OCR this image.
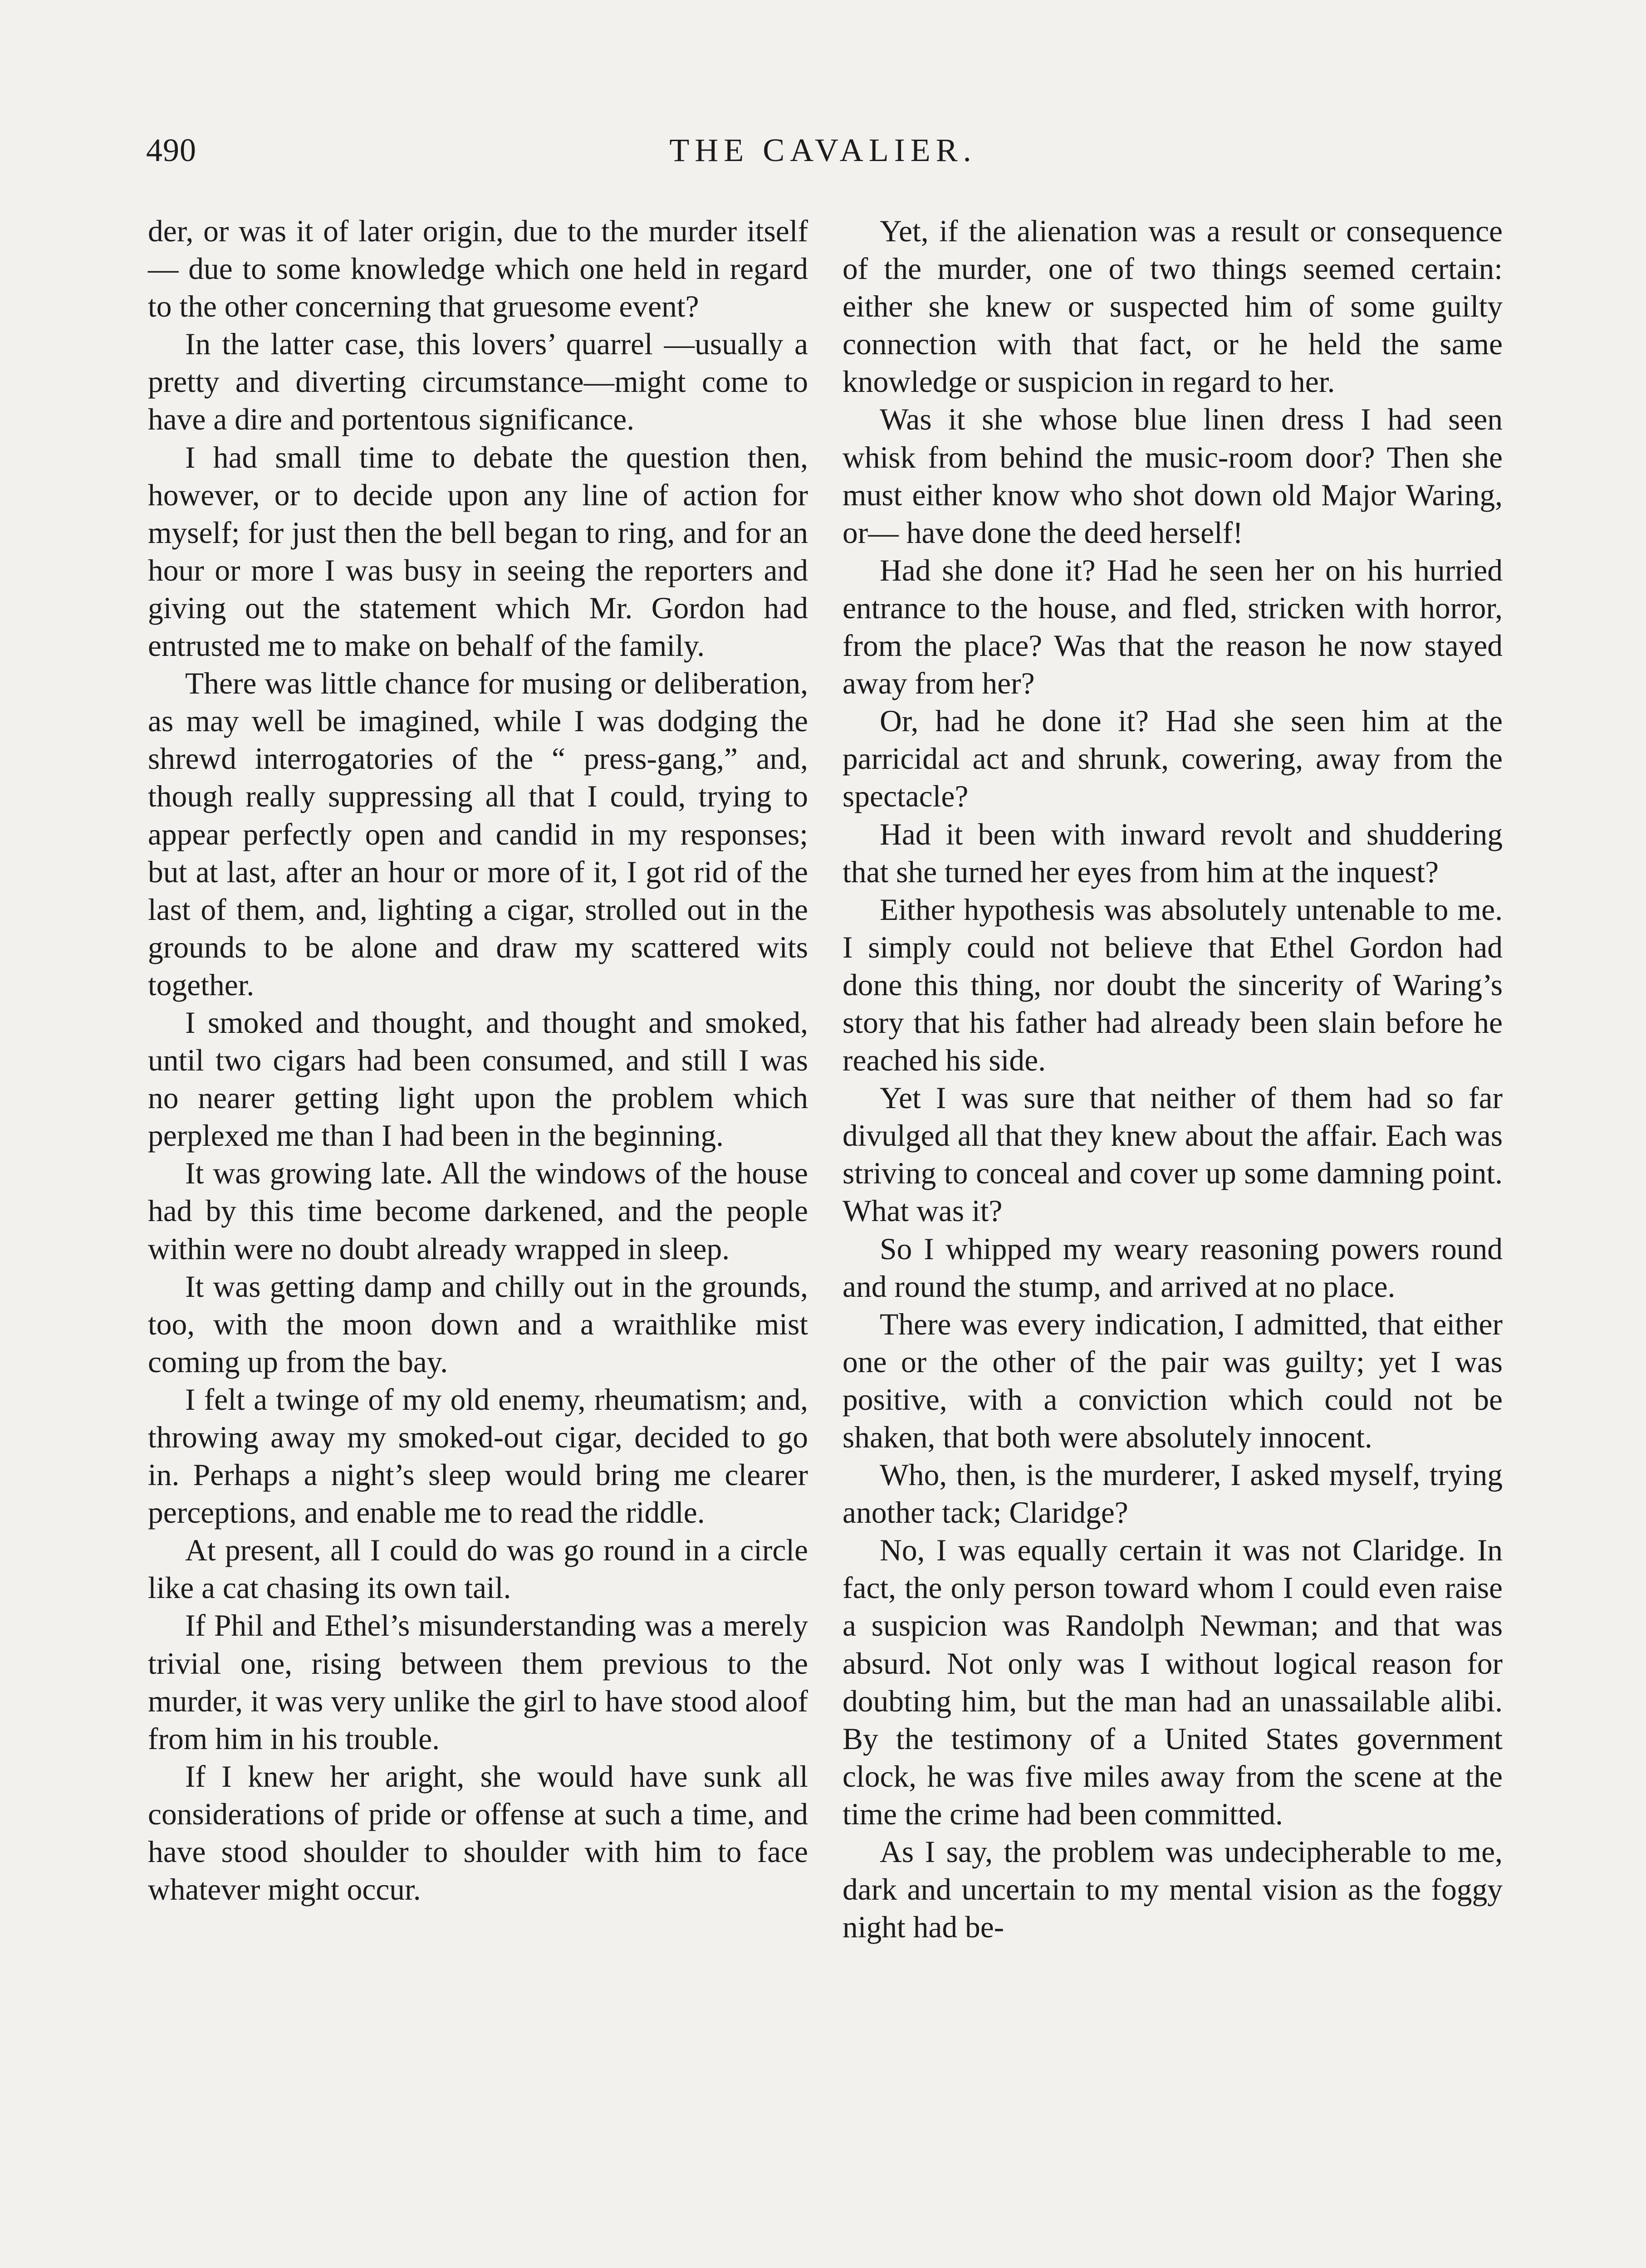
490	THE CAVALIER.

der, or was it of later origin, due to the murder itself — due to some knowledge which one held in regard to the other concerning that gruesome event?

In the latter case, this lovers’ quarrel —usually a pretty and diverting circumstance—might come to have a dire and portentous significance.

I had small time to debate the question then, however, or to decide upon any line of action for myself; for just then the bell began to ring, and for an hour or more I was busy in seeing the reporters and giving out the statement which Mr. Gordon had entrusted me to make on behalf of the family.

There was little chance for musing or deliberation, as may well be imagined, while I was dodging the shrewd interrogatories of the “ press-gang,” and, though really suppressing all that I could, trying to appear perfectly open and candid in my responses; but at last, after an hour or more of it, I got rid of the last of them, and, lighting a cigar, strolled out in the grounds to be alone and draw my scattered wits together.

I smoked and thought, and thought and smoked, until two cigars had been consumed, and still I was no nearer getting light upon the problem which perplexed me than I had been in the beginning.

It was growing late. All the windows of the house had by this time become darkened, and the people within were no doubt already wrapped in sleep.

It was getting damp and chilly out in the grounds, too, with the moon down and a wraithlike mist coming up from the bay.

I felt a twinge of my old enemy, rheumatism; and, throwing away my smoked-out cigar, decided to go in. Perhaps a night’s sleep would bring me clearer perceptions, and enable me to read the riddle.

At present, all I could do was go round in a circle like a cat chasing its own tail.

If Phil and Ethel’s misunderstanding was a merely trivial one, rising between them previous to the murder, it was very unlike the girl to have stood aloof from him in his trouble.

If I knew her aright, she would have sunk all considerations of pride or offense at such a time, and have stood shoulder to shoulder with him to face whatever might occur.

Yet, if the alienation was a result or consequence of the murder, one of two things seemed certain: either she knew or suspected him of some guilty connection with that fact, or he held the same knowledge or suspicion in regard to her.

Was it she whose blue linen dress I had seen whisk from behind the music-room door? Then she must either know who shot down old Major Waring, or— have done the deed herself!

Had she done it? Had he seen her on his hurried entrance to the house, and fled, stricken with horror, from the place? Was that the reason he now stayed away from her?

Or, had he done it? Had she seen him at the parricidal act and shrunk, cowering, away from the spectacle?

Had it been with inward revolt and shuddering that she turned her eyes from him at the inquest?

Either hypothesis was absolutely untenable to me. I simply could not believe that Ethel Gordon had done this thing, nor doubt the sincerity of Waring’s story that his father had already been slain before he reached his side.

Yet I was sure that neither of them had so far divulged all that they knew about the affair. Each was striving to conceal and cover up some damning point. What was it?

So I whipped my weary reasoning powers round and round the stump, and arrived at no place.

There was every indication, I admitted, that either one or the other of the pair was guilty; yet I was positive, with a conviction which could not be shaken, that both were absolutely innocent.

Who, then, is the murderer, I asked myself, trying another tack; Claridge?

No, I was equally certain it was not Claridge. In fact, the only person toward whom I could even raise a suspicion was Randolph Newman; and that was absurd. Not only was I without logical reason for doubting him, but the man had an unassailable alibi. By the testimony of a United States government clock, he was five miles away from the scene at the time the crime had been committed.

As I say, the problem was undecipherable to me, dark and uncertain to my mental vision as the foggy night had be-
